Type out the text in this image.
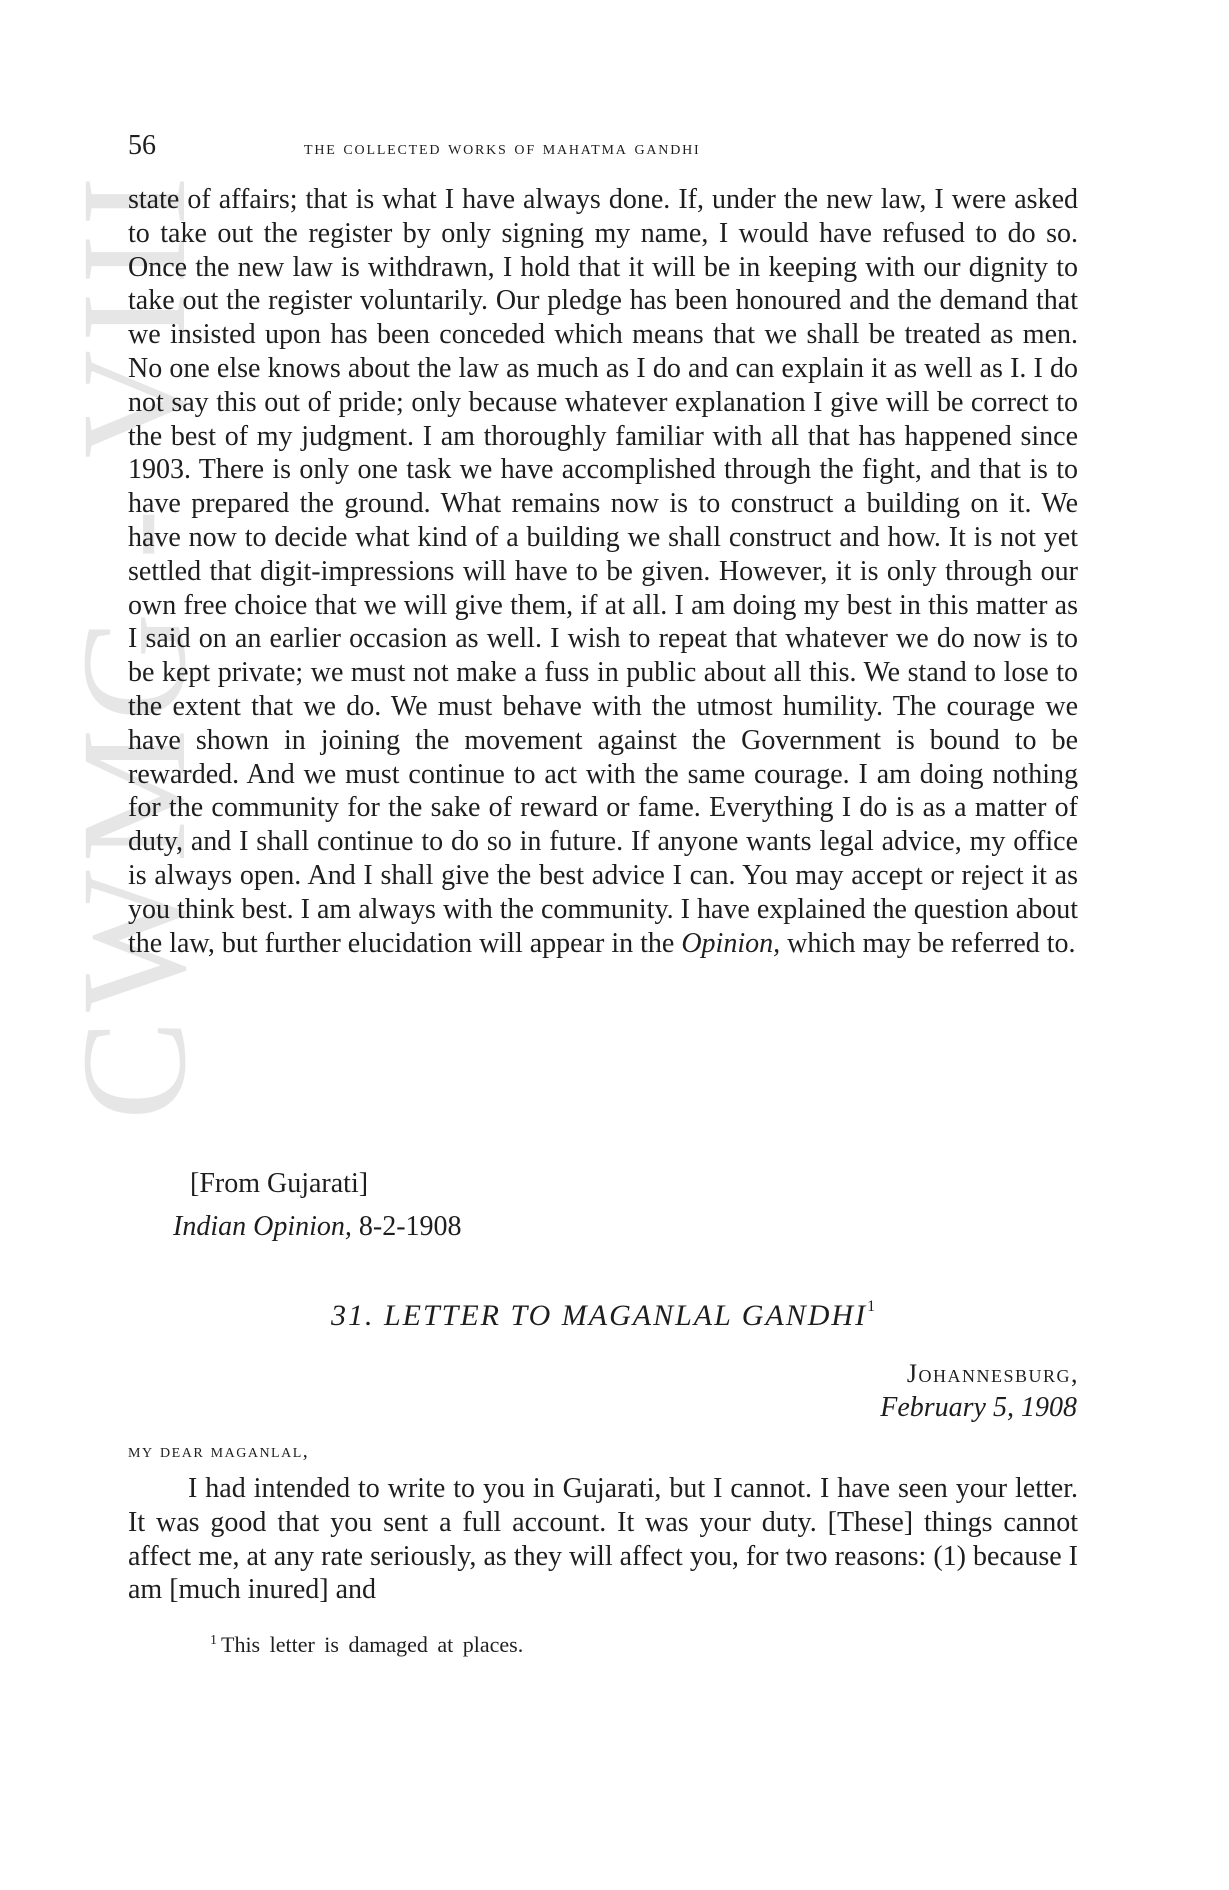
CWMG - VIII
56	the collected works of mahatma gandhi

state of affairs; that is what I have always done. If, under the new law, I were asked to take out the register by only signing my name, I would have refused to do so. Once the new law is withdrawn, I hold that it will be in keeping with our dignity to take out the register voluntarily. Our pledge has been honoured and the demand that we insisted upon has been conceded which means that we shall be treated as men. No one else knows about the law as much as I do and can explain it as well as I. I do not say this out of pride; only because whatever explanation I give will be correct to the best of my judgment. I am thoroughly familiar with all that has happened since 1903. There is only one task we have accomplished through the fight, and that is to have prepared the ground. What remains now is to construct a building on it. We have now to decide what kind of a building we shall construct and how. It is not yet settled that digit-impressions will have to be given. However, it is only through our own free choice that we will give them, if at all. I am doing my best in this matter as I said on an earlier occasion as well. I wish to repeat that whatever we do now is to be kept private; we must not make a fuss in public about all this. We stand to lose to the extent that we do. We must behave with the utmost humility. The courage we have shown in joining the movement against the Government is bound to be rewarded. And we must continue to act with the same courage. I am doing nothing for the community for the sake of reward or fame. Everything I do is as a matter of duty, and I shall continue to do so in future. If anyone wants legal advice, my office is always open. And I shall give the best advice I can. You may accept or reject it as you think best. I am always with the community. I have explained the question about the law, but further elucidation will appear in the Opinion, which may be referred to.

[From Gujarati]
Indian Opinion, 8-2-1908
31. LETTER TO MAGANLAL GANDHI$^1$
Johannesburg,
February 5, 1908
my dear maganlal,

I had intended to write to you in Gujarati, but I cannot. I have seen your letter. It was good that you sent a full account. It was your duty. [These] things cannot affect me, at any rate seriously, as they will affect you, for two reasons: (1) because I am [much inured] and

$^1$ This letter is damaged at places.
